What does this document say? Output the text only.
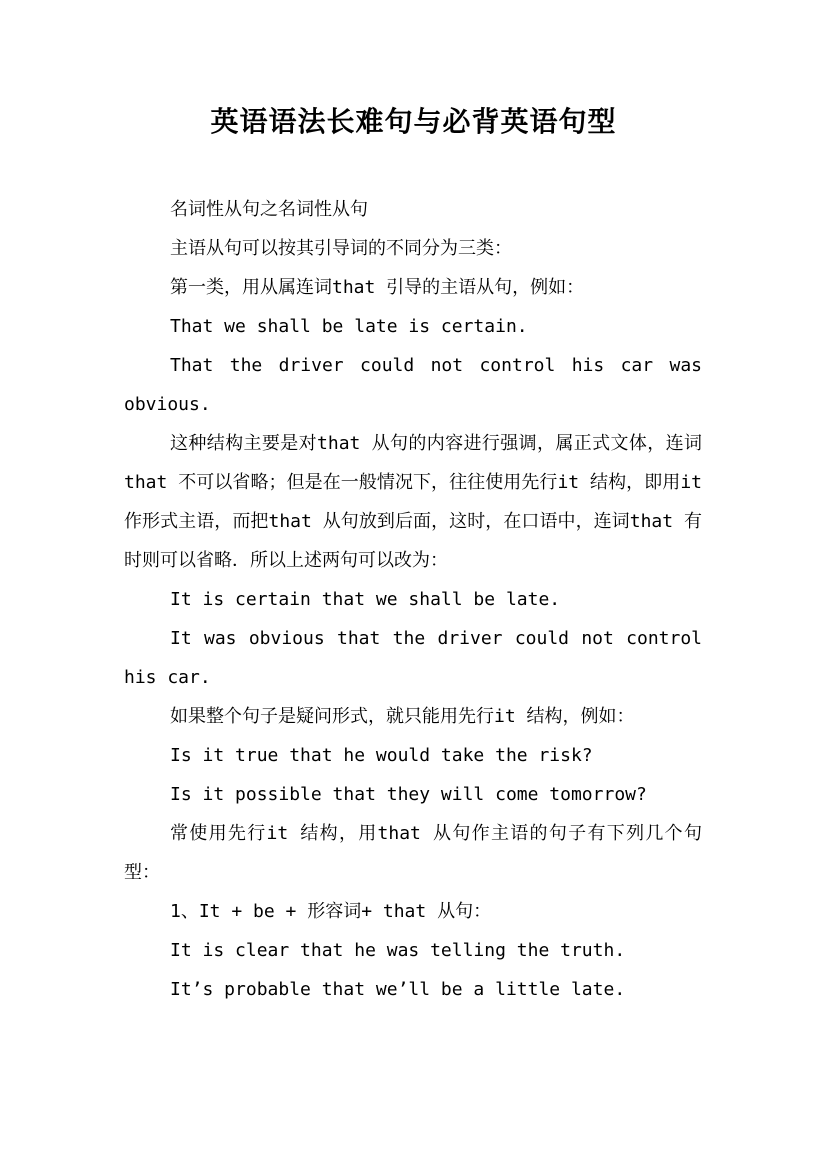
英语语法长难句与必背英语句型

名词性从句之名词性从句

主语从句可以按其引导词的不同分为三类：

第一类，用从属连词that 引导的主语从句，例如：

That we shall be late is certain.

That the driver could not control his car was obvious.

这种结构主要是对that 从句的内容进行强调，属正式文体，连词that 不可以省略；但是在一般情况下，往往使用先行it 结构，即用it 作形式主语，而把that 从句放到后面，这时，在口语中，连词that 有时则可以省略．所以上述两句可以改为：

It is certain that we shall be late.

It was obvious that the driver could not control his car.

如果整个句子是疑问形式，就只能用先行it 结构，例如：

Is it true that he would take the risk?

Is it possible that they will come tomorrow?

常使用先行it 结构，用that 从句作主语的句子有下列几个句型：

1、It + be + 形容词+ that 从句：

It is clear that he was telling the truth.

It’s probable that we’ll be a little late.
